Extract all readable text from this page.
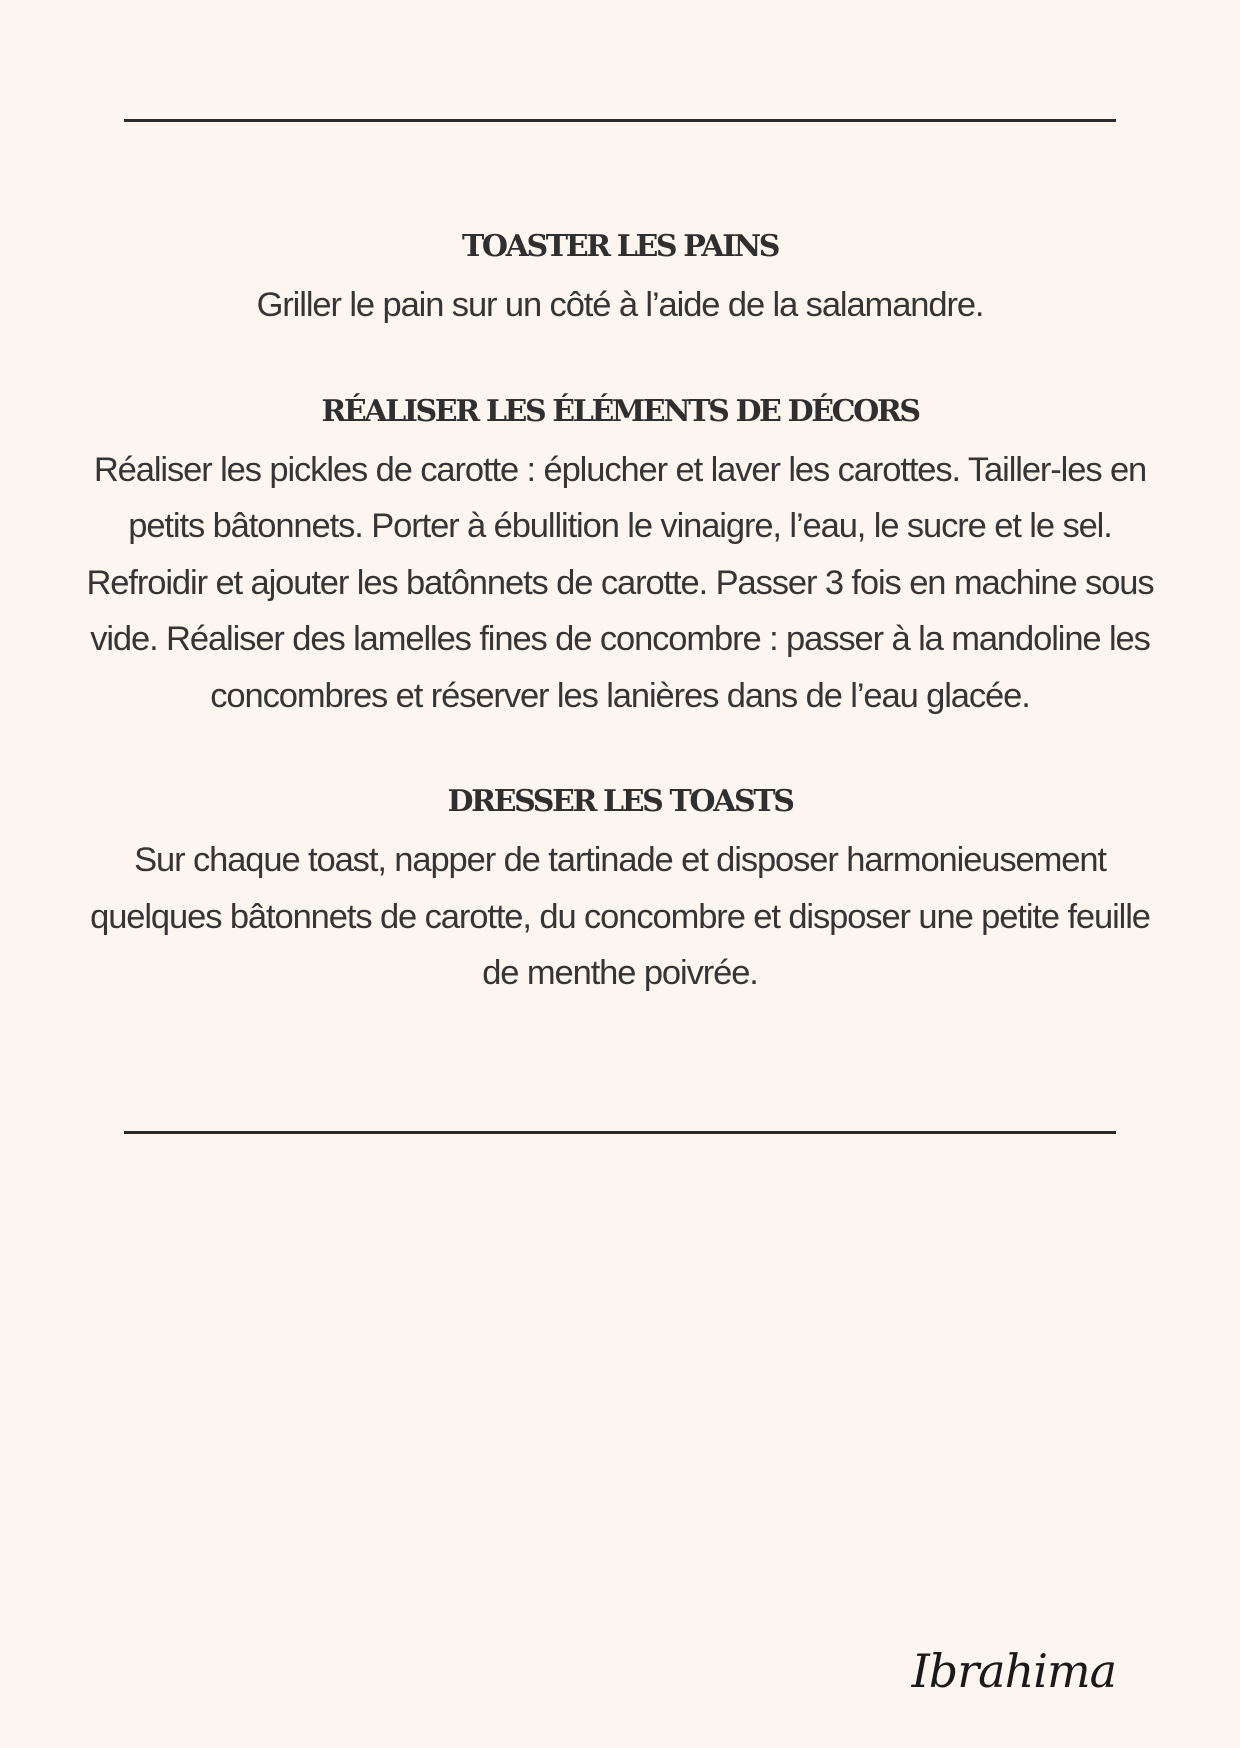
TOASTER LES PAINS

Griller le pain sur un côté à l’aide de la salamandre.

RÉALISER LES ÉLÉMENTS DE DÉCORS

Réaliser les pickles de carotte : éplucher et laver les carottes. Tailler-les en petits bâtonnets. Porter à ébullition le vinaigre, l’eau, le sucre et le sel. Refroidir et ajouter les batônnets de carotte. Passer 3 fois en machine sous vide. Réaliser des lamelles fines de concombre : passer à la mandoline les concombres et réserver les lanières dans de l’eau glacée.

DRESSER LES TOASTS

Sur chaque toast, napper de tartinade et disposer harmonieusement quelques bâtonnets de carotte, du concombre et disposer une petite feuille de menthe poivrée.

Ibrahima
